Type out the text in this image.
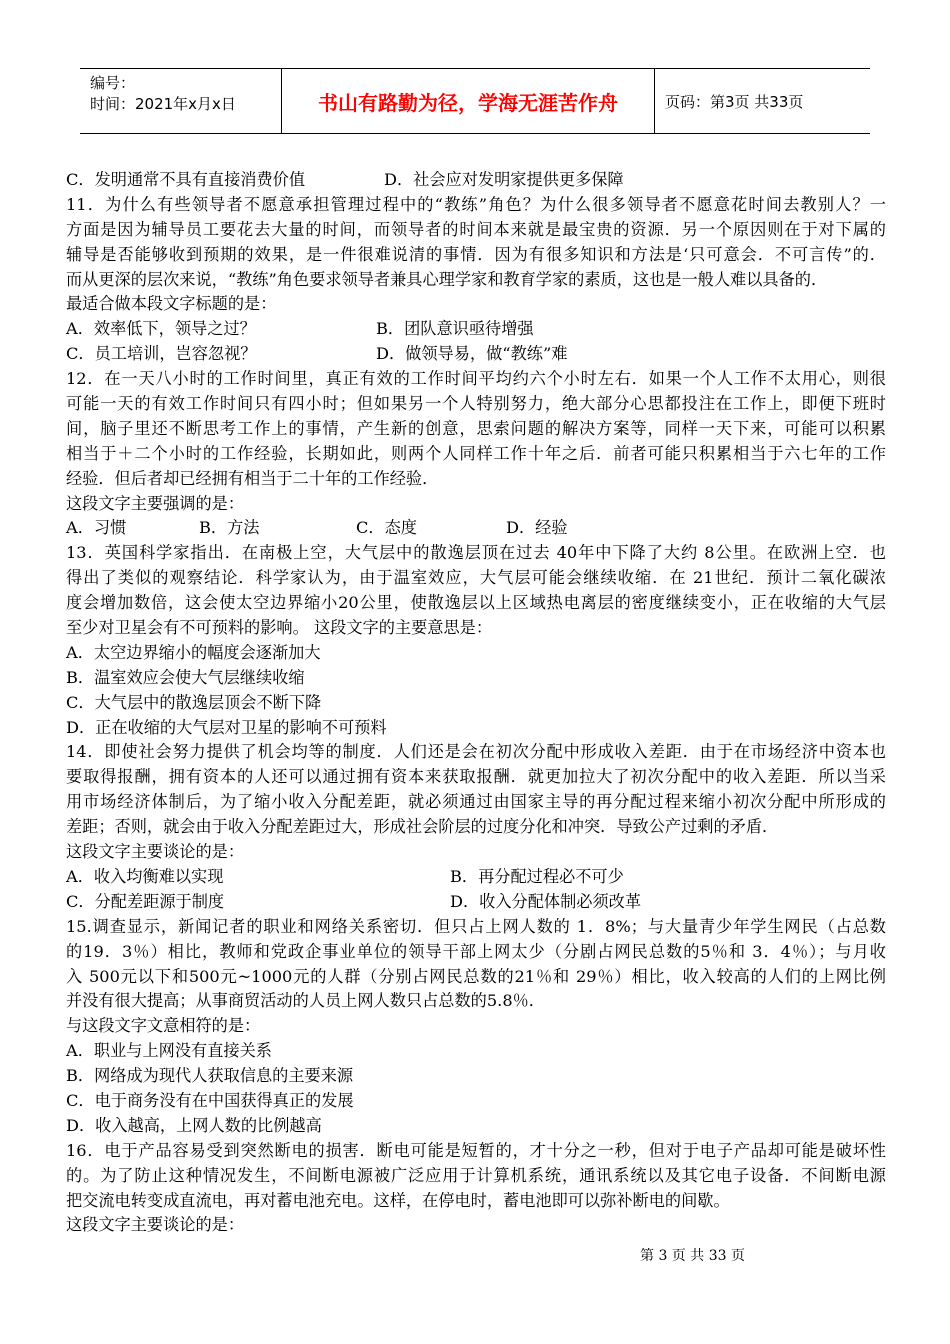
编号：
时间：2021年x月x日	书山有路勤为径，学海无涯苦作舟	页码：第3页 共33页
C．发明通常不具有直接消费价值	D．社会应对发明家提供更多保障
11．为什么有些领导者不愿意承担管理过程中的“教练”角色？为什么很多领导者不愿意花时间去教别人？一
方面是因为辅导员工要花去大量的时间，而领导者的时间本来就是最宝贵的资源．另一个原因则在于对下属的
辅导是否能够收到预期的效果，是一件很难说清的事情．因为有很多知识和方法是‘只可意会．不可言传”的．
而从更深的层次来说，“教练”角色要求领导者兼具心理学家和教育学家的素质，这也是一般人难以具备的．
最适合做本段文字标题的是：
A．效率低下，领导之过？	B．团队意识亟待增强
C．员工培训，岂容忽视？	D．做领导易，做“教练”难
12．在一天八小时的工作时间里，真正有效的工作时间平均约六个小时左右．如果一个人工作不太用心，则很
可能一天的有效工作时间只有四小时；但如果另一个人特别努力，绝大部分心思都投注在工作上，即便下班时
间，脑子里还不断思考工作上的事情，产生新的创意，思索问题的解决方案等，同样一天下来，可能可以积累
相当于＋二个小时的工作经验，长期如此，则两个人同样工作十年之后．前者可能只积累相当于六七年的工作
经验．但后者却已经拥有相当于二十年的工作经验．
这段文字主要强调的是：
A．习惯	B．方法	C．态度	D．经验
13．英国科学家指出．在南极上空，大气层中的散逸层顶在过去 40年中下降了大约 8公里。在欧洲上空．也
得出了类似的观察结论．科学家认为，由于温室效应，大气层可能会继续收缩．在 21世纪．预计二氧化碳浓
度会增加数倍，这会使太空边界缩小20公里，使散逸层以上区域热电离层的密度继续变小，正在收缩的大气层
至少对卫星会有不可预料的影响。 这段文字的主要意思是：
A．太空边界缩小的幅度会逐渐加大
B．温室效应会使大气层继续收缩
C．大气层中的散逸层顶会不断下降
D．正在收缩的大气层对卫星的影响不可预料
14．即使社会努力提供了机会均等的制度．人们还是会在初次分配中形成收入差距．由于在市场经济中资本也
要取得报酬，拥有资本的人还可以通过拥有资本来获取报酬．就更加拉大了初次分配中的收入差距．所以当采
用市场经济体制后，为了缩小收入分配差距，就必须通过由国家主导的再分配过程来缩小初次分配中所形成的
差距；否则，就会由于收入分配差距过大，形成社会阶层的过度分化和冲突．导致公产过剩的矛盾．
这段文字主要谈论的是：
A．收入均衡难以实现	B．再分配过程必不可少
C．分配差距源于制度	D．收入分配体制必须改革
15.调查显示，新闻记者的职业和网络关系密切．但只占上网人数的 1．8%；与大量青少年学生网民（占总数
的19．3％）相比，教师和党政企事业单位的领导干部上网太少（分剧占网民总数的5％和 3．4％）；与月收
入 500元以下和500元~1000元的人群（分别占网民总数的21％和 29％）相比，收入较高的人们的上网比例
并没有很大提高；从事商贸活动的人员上网人数只占总数的5.8％．
与这段文字文意相符的是：
A．职业与上网没有直接关系
B．网络成为现代人获取信息的主要来源
C．电于商务没有在中国获得真正的发展
D．收入越高，上网人数的比例越高
16．电于产品容易受到突然断电的损害．断电可能是短暂的，才十分之一秒，但对于电子产品却可能是破坏性
的。为了防止这种情况发生，不间断电源被广泛应用于计算机系统，通讯系统以及其它电子设备．不间断电源
把交流电转变成直流电，再对蓄电池充电。这样，在停电时，蓄电池即可以弥补断电的间歇。
这段文字主要谈论的是：
第 3 页 共 33 页
